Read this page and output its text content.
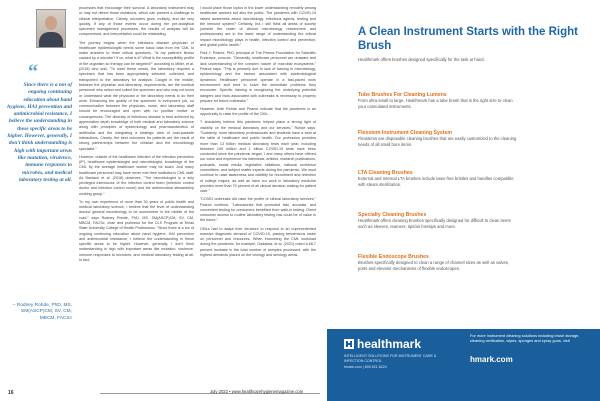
“
Since there is a ton of ongoing continuing education about hand hygiene, HAI prevention and antimicrobial resistance, I believe the understanding in these specific areas to be higher. However, generally, I don't think understanding is high with important areas like mutation, virulence, immune responses to microbes, and medical laboratory testing at all.
– Rodney Rohde, PhD, MS, SM(ASCP)CM, SV, CM, MBCM, FACSc

processes that encourage their survival. A laboratory instrument may or may not detect those mutations, which can present a challenge to clinical interpretation. Clearly, microbes grow, multiply, and die very quickly. If any of those events occur during the pre-analytical specimen management processes, the results of analysis will be compromised, and interpretation could be misleading.

The journey begins when the infectious disease physician or healthcare epidemiologist needs some basic data from the CML to make answers to three critical questions. "Is my patient's illness caused by a microbe? If so, what is it? What is the susceptibility profile of the organism so therapy can be targeted?" according to Miller, et al. (2018) who add, "To meet these needs, the laboratory requires a specimen that has been appropriately selected, collected, and transported to the laboratory for analysis. Caught in the middle, between the physician and laboratory, requirements, are the medical personnel who select and collect the specimen and who may not know or understand what the physician or the laboratory needs to do their work. Enhancing the quality of the specimen is everyone's job, so communication between the physician, nurse, and laboratory staff should be encouraged and open with no punitive motive or consequences. The diversity of infectious disease is best achieved by appreciation depth knowledge of both medical and laboratory science along with principles of epidemiology and pharmacokinetics of antibiotics and the integrating a strategic view of host-parasite interactions. Clearly, the best outcomes for patients are the result of strong partnerships between the clinician and the microbiology specialist."

However, outside of the healthcare infection of the infection prevention (IP), healthcare epidemiologist and microbiologist, knowledge of the CML by the average healthcare worker may be scant. And many healthcare personnel may have never met their institution's CML staff. As Bardach et al. (2018) observes, "The microbiologist is a duly privileged interlocutor of the infection control team (infection control doctor and infection control nurse) and the antimicrobial stewardship working group."

"In my own experience of more than 30 years of public health and medical laboratory science, I believe that the level of understanding around general microbiology to be somewhere in the middle of the road," says Rodney Rohde, PhD, MS, SM(ASCP)CM, SV, CM, MBCM, FACSc, chair and professor for the CLS Program at Texas State University College of Health Professions. "Since there is a ton of ongoing continuing education about hand hygiene, HAI prevention and antimicrobial resistance, I believe the understanding in these specific areas to be higher. However, generally, I don't think understanding is high with important areas like mutation, virulence, immune responses to microbes, and medical laboratory testing at all. In fact,

I would place those topics in the lower understanding remotely among healthcare workers but also the public. The pandemic with COVID-19 raised awareness about microbiology, infectious agents, testing and the immune system? Certainly, but I still think all areas of society (outside the realm of clinical microbiology researchers and professionals) are in the lower range of understanding the critical impact microbiology plays in health, infection control and prevention, and global public health."

Paul J. Pearce, PhD, principal of The Pearce Foundation for Scientific Endeavor, concurs. "Generally, healthcare personnel are unaware and lack understanding of the complex nature of microbial ecosystems," Pearce says. "This is primarily due to lack of training in microbiology, epidemiology and the factors associated with epidemiological dynamics. Healthcare personnel operate in a fast-paced work environment and tend to solve the immediate problems they encounter. Specific training in recognizing the underlying potential dangers and risks associated with outbreaks is necessary to properly prepare for future outbreaks."

However, both Rohde and Pearce indicate that the pandemic is an opportunity to raise the profile of the CML.

"I absolutely believe this pandemic helped place a strong light of visibility on the medical laboratory and our services," Rohde says. "Suddenly, more laboratory professionals and students have a seat at the table of healthcare and public health. Our profession provides more than 13 billion medical laboratory tests each year, including between 100 million and 1 billion COVID-19 tests have been conducted since the pandemic began. I and many others have offered our voice and experience via interviews, articles, research publications, podcasts, social media, legislative initiatives, national workforce committees, and subject matter experts during the pandemic. We must continue to raise awareness and visibility for recruitment and retention of college majors, as well as have our work in laboratory medicine provides more than 70 percent of all clinical decision-making for patient care."

"COVID outbreaks did raise the profile of clinical laboratory services," Pearce confirms. "Laboratories that promoted fast, accurate, and convenient testing for consumers benefited from walk-in testing. Direct consumer access to routine laboratory testing has could be of value in the future."

CMLs had to adapt their structure to respond to an unprecedented massive diagnostic demand of COVID-19, placing tremendous strain on personnel and resources. When examining the CML workload during the pandemic, for example, Gadaleta, et al. (2021) noted a 66.7 percent increase in the total number of samples processed, with the highest demands placed on the virology and serology areas.

16	July 2022 • www.healthcarehygienemagazine.com
A Clean Instrument Starts with the Right Brush
Healthmark offers brushes designed specifically for the task at hand.
Tube Brushes For Cleaning Lumens
From ultra-small to large, Healthmark has a tube brush that is the right size to clean your cannulated instruments.
Flexstem Instrument Cleaning System
Flexstems are disposable cleaning brushes that are easily customized to the cleaning needs of all small bore items.
LTA Cleaning Brushes
External and Internal LTA brushes include latex-free bristles and handles compatible with steam sterilization.
Specialty Cleaning Brushes
Healthmark offers cleaning brushes specifically designed for difficult to clean items such as sleeves, reamers, tips/air foresips and more.
Flexible Endoscope Brushes
Brushes specifically designed to clean a range of channel sizes as well as valves, ports and elevator mechanisms of flexible endoscopes.
healthmark
INTELLIGENT SOLUTIONS FOR INSTRUMENT CARE & INFECTION CONTROL
hmark.com | 800.521.6224
For more instrument cleaning solutions including brush storage, cleaning verification, wipes, sponges and spray guns, visit
hmark.com
